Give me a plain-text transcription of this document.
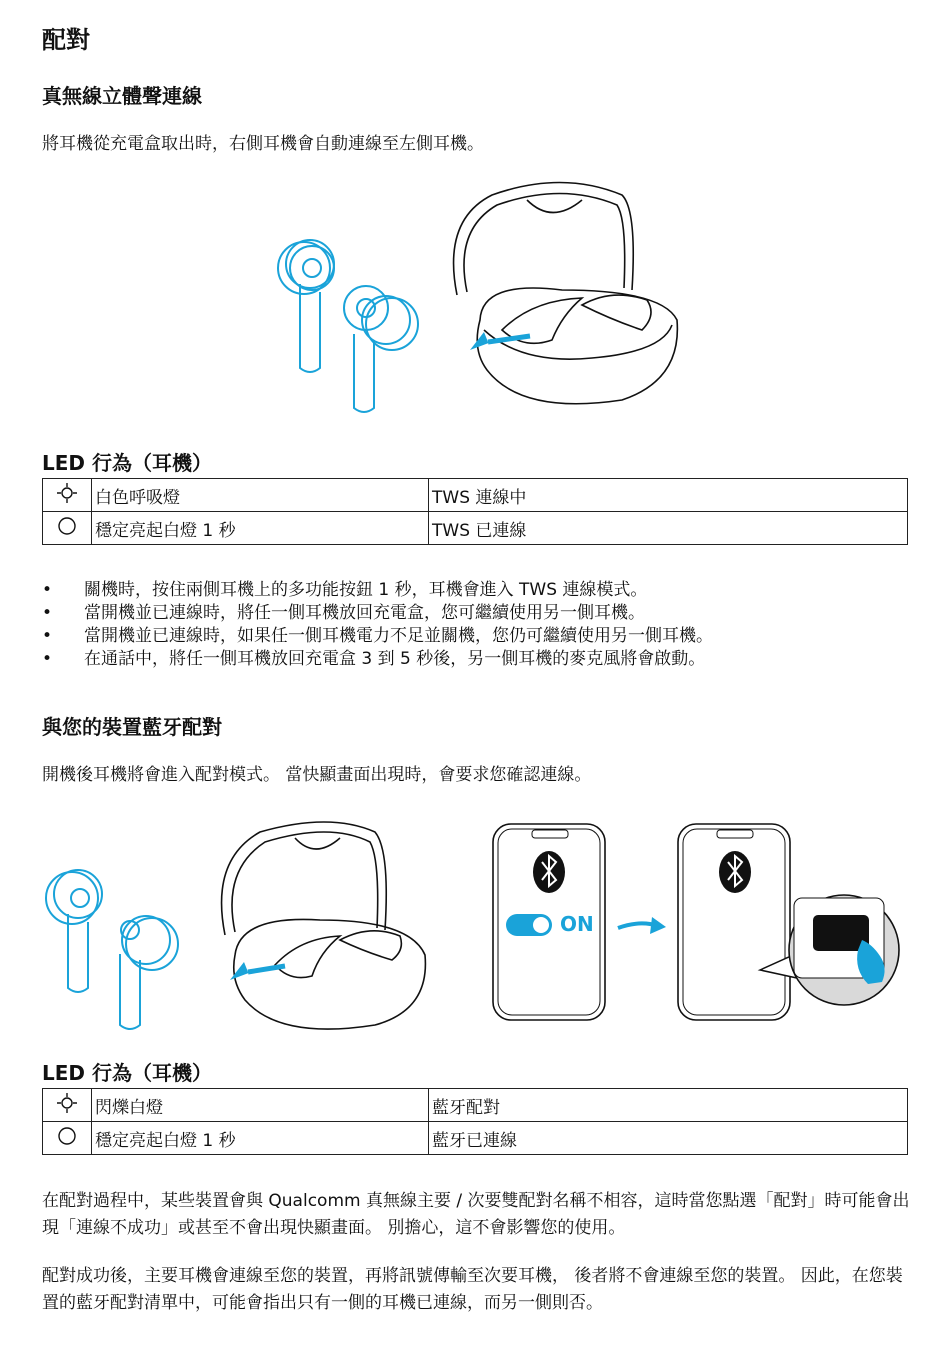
配對
真無線立體聲連線

將耳機從充電盒取出時，右側耳機會自動連線至左側耳機。

LED 行為（耳機）
	白色呼吸燈	TWS 連線中
	穩定亮起白燈 1 秒	TWS 已連線
• 關機時，按住兩側耳機上的多功能按鈕 1 秒，耳機會進入 TWS 連線模式。
• 當開機並已連線時，將任一側耳機放回充電盒，您可繼續使用另一側耳機。
• 當開機並已連線時，如果任一側耳機電力不足並關機，您仍可繼續使用另一側耳機。
• 在通話中，將任一側耳機放回充電盒 3 到 5 秒後，另一側耳機的麥克風將會啟動。
與您的裝置藍牙配對

開機後耳機將會進入配對模式。 當快顯畫面出現時，會要求您確認連線。

ON
LED 行為（耳機）
	閃爍白燈	藍牙配對
	穩定亮起白燈 1 秒	藍牙已連線

在配對過程中，某些裝置會與 Qualcomm 真無線主要 / 次要雙配對名稱不相容，這時當您點選「配對」時可能會出現「連線不成功」或甚至不會出現快顯畫面。 別擔心，這不會影響您的使用。

配對成功後，主要耳機會連線至您的裝置，再將訊號傳輸至次要耳機， 後者將不會連線至您的裝置。 因此，在您裝置的藍牙配對清單中，可能會指出只有一側的耳機已連線，而另一側則否。
